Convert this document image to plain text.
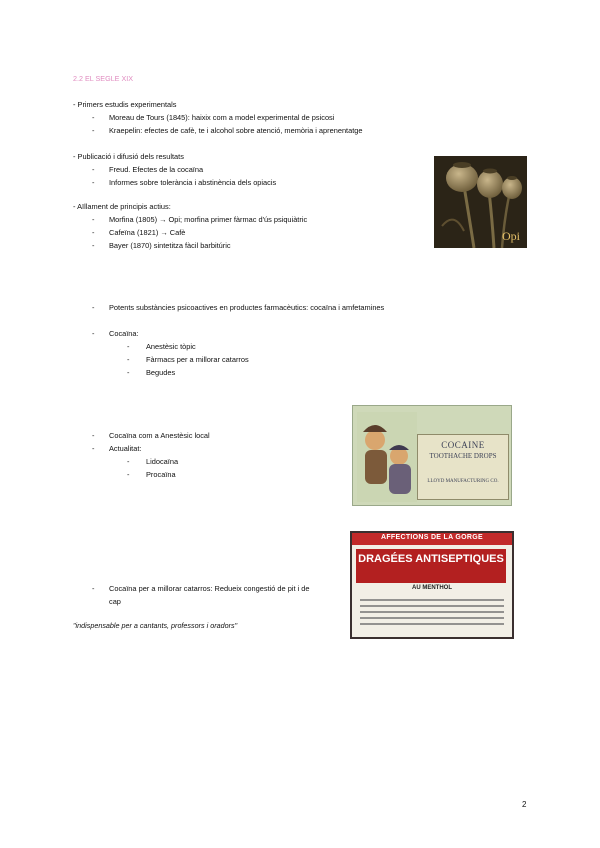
2.2 EL SEGLE XIX
- Primers estudis experimentals
- Moreau de Tours (1845): haixix com a model experimental de psicosi
- Kraepelin: efectes de cafè, te i alcohol sobre atenció, memòria i aprenentatge
- Publicació i difusió dels resultats
- Freud. Efectes de la cocaïna
- Informes sobre tolerància i abstinència dels opiacis
- Aïllament de principis actius:
- Morfina (1805) → Opi; morfina primer fàrmac d'ús psiquiàtric
- Cafeïna (1821) → Cafè
- Bayer (1870) sintetitza fàcil barbitúric
Opi
- Potents substàncies psicoactives en productes farmacèutics: cocaïna i amfetamines
- Cocaïna:
- Anestèsic tòpic
- Fàrmacs per a millorar catarros
- Begudes
- Cocaïna com a Anestèsic local
- Actualitat:
- Lidocaïna
- Procaïna
COCAINE
TOOTHACHE DROPS
LLOYD MANUFACTURING CO.
AFFECTIONS DE LA GORGE
DRAGÉES ANTISEPTIQUES
AU MENTHOL
- Cocaïna per a millorar catarros: Redueix congestió de pit i de
cap
"indispensable per a cantants, professors i oradors"
2
